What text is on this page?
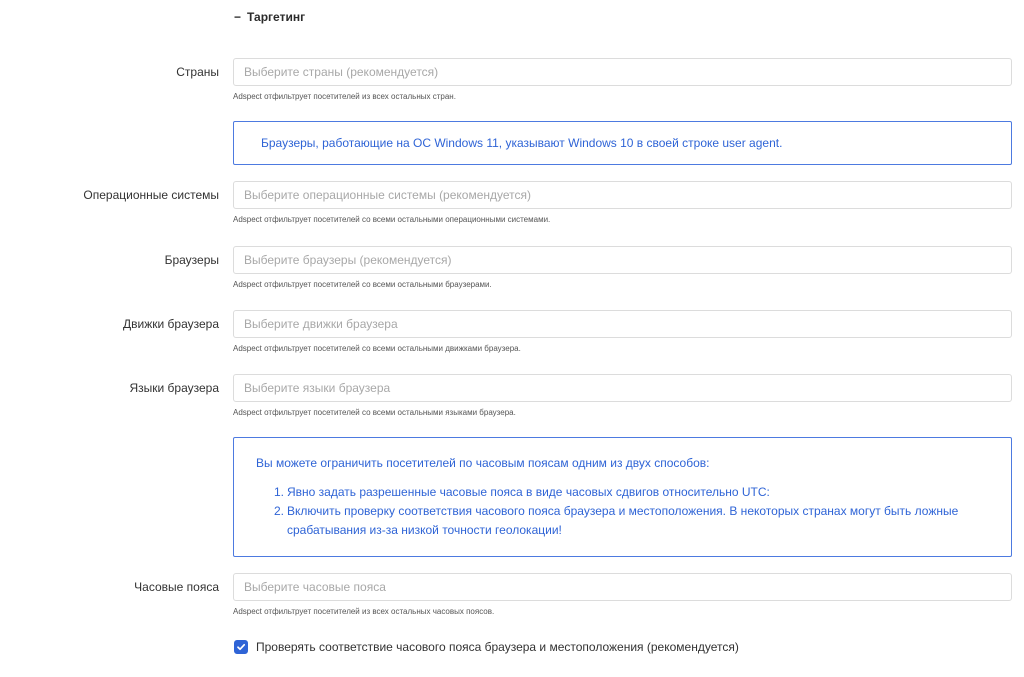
− Таргетинг
Страны
Выберите страны (рекомендуется)
Adspect отфильтрует посетителей из всех остальных стран.
Браузеры, работающие на ОС Windows 11, указывают Windows 10 в своей строке user agent.
Операционные системы
Выберите операционные системы (рекомендуется)
Adspect отфильтрует посетителей со всеми остальными операционными системами.
Браузеры
Выберите браузеры (рекомендуется)
Adspect отфильтрует посетителей со всеми остальными браузерами.
Движки браузера
Выберите движки браузера
Adspect отфильтрует посетителей со всеми остальными движками браузера.
Языки браузера
Выберите языки браузера
Adspect отфильтрует посетителей со всеми остальными языками браузера.
Вы можете ограничить посетителей по часовым поясам одним из двух способов:
1. Явно задать разрешенные часовые пояса в виде часовых сдвигов относительно UTC:
2. Включить проверку соответствия часового пояса браузера и местоположения. В некоторых странах могут быть ложные срабатывания из-за низкой точности геолокации!
Часовые пояса
Выберите часовые пояса
Adspect отфильтрует посетителей из всех остальных часовых поясов.
Проверять соответствие часового пояса браузера и местоположения (рекомендуется)
